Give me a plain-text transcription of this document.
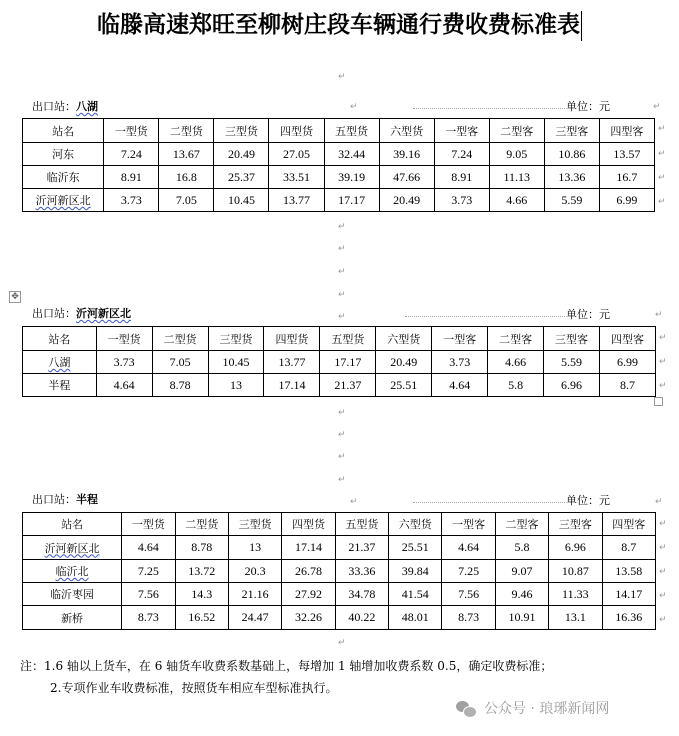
临滕高速郑旺至柳树庄段车辆通行费收费标准表
↵
出口站：八湖	↵	单位：元	↵
站名	一型货	二型货	三型货	四型货	五型货	六型货	一型客	二型客	三型客	四型客
河东	7.24	13.67	20.49	27.05	32.44	39.16	7.24	9.05	10.86	13.57
临沂东	8.91	16.8	25.37	33.51	39.19	47.66	8.91	11.13	13.36	16.7
沂河新区北	3.73	7.05	10.45	13.77	17.17	20.49	3.73	4.66	5.59	6.99
↵
↵
↵
↵
↵
↵
↵
↵
✥
出口站：沂河新区北	↵	单位：元	↵
站名	一型货	二型货	三型货	四型货	五型货	六型货	一型客	二型客	三型客	四型客
八湖	3.73	7.05	10.45	13.77	17.17	20.49	3.73	4.66	5.59	6.99
半程	4.64	8.78	13	17.14	21.37	25.51	4.64	5.8	6.96	8.7
↵
↵
↵
↵
↵
↵
↵
出口站：半程	↵	单位：元	↵
站名	一型货	二型货	三型货	四型货	五型货	六型货	一型客	二型客	三型客	四型客
沂河新区北	4.64	8.78	13	17.14	21.37	25.51	4.64	5.8	6.96	8.7
临沂北	7.25	13.72	20.3	26.78	33.36	39.84	7.25	9.07	10.87	13.58
临沂枣园	7.56	14.3	21.16	27.92	34.78	41.54	7.56	9.46	11.33	14.17
新桥	8.73	16.52	24.47	32.26	40.22	48.01	8.73	10.91	13.1	16.36
↵
↵
↵
↵
↵
↵
注：1.6 轴以上货车，在 6 轴货车收费系数基础上，每增加 1 轴增加收费系数 0.5，确定收费标准；
2.专项作业车收费标准，按照货车相应车型标准执行。
公众号 · 琅琊新闻网
